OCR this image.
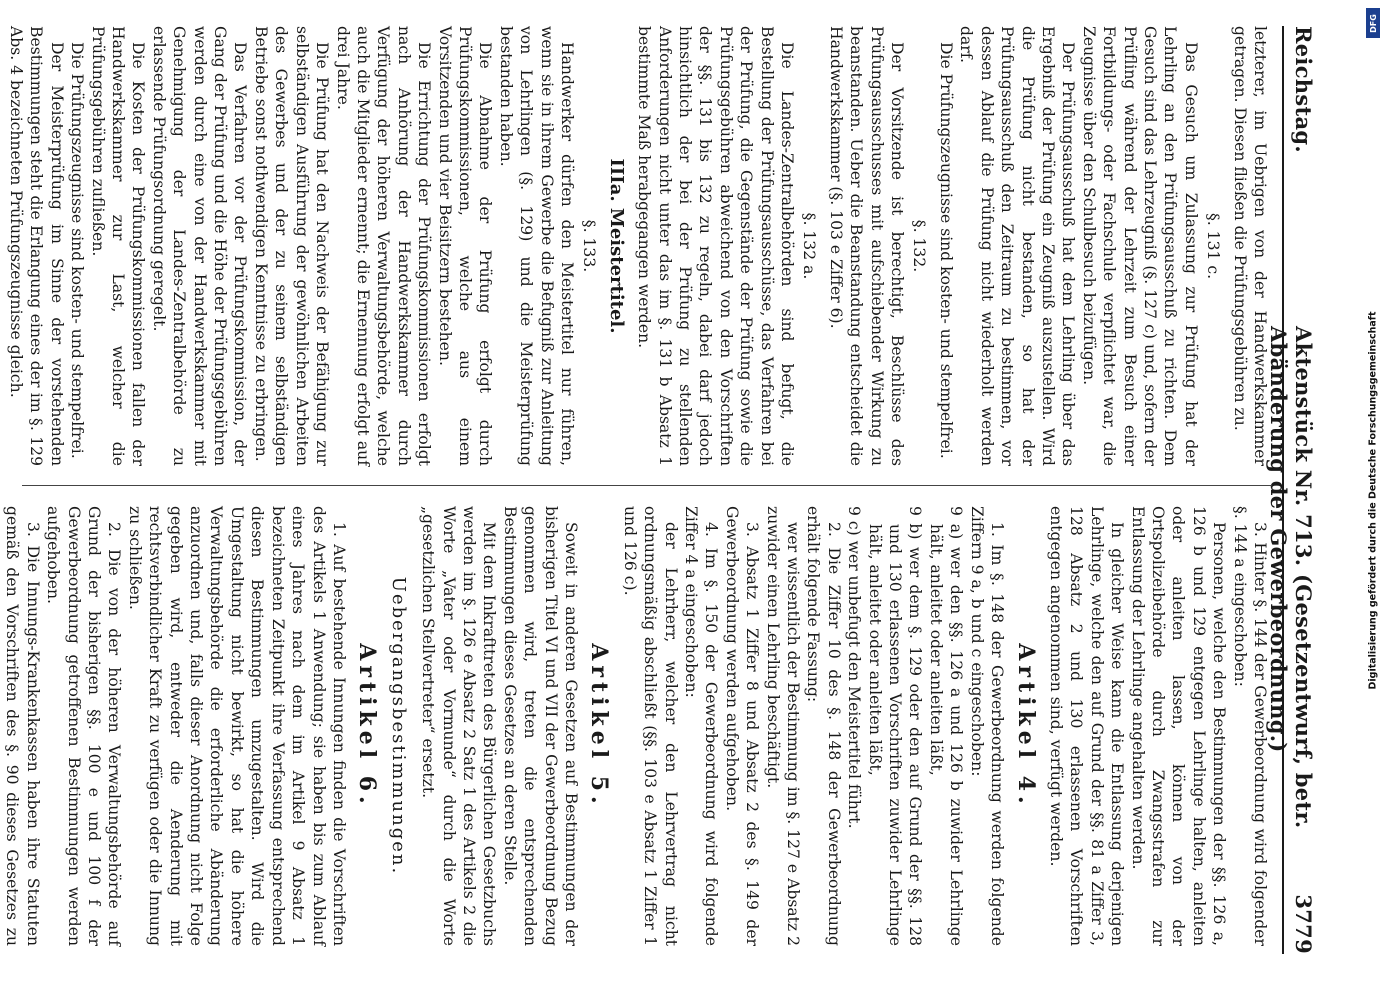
Reichstag.
Aktenstück Nr. 713. (Gesetzentwurf, betr. Abänderung der Gewerbeordnung.)
3779

letzterer, im Uebrigen von der Handwerkskammer getragen. Diesen fließen die Prüfungsgebühren zu.

§. 131 c.

Das Gesuch um Zulassung zur Prüfung hat der Lehrling an den Prüfungsausschuß zu richten. Dem Gesuch sind das Lehrzeugniß (§. 127 c) und, sofern der Prüfling während der Lehrzeit zum Besuch einer Fortbildungs- oder Fachschule verpflichtet war, die Zeugnisse über den Schulbesuch beizufügen.

Der Prüfungsausschuß hat dem Lehrling über das Ergebniß der Prüfung ein Zeugniß auszustellen. Wird die Prüfung nicht bestanden, so hat der Prüfungsausschuß den Zeitraum zu bestimmen, vor dessen Ablauf die Prüfung nicht wiederholt werden darf.

Die Prüfungszeugnisse sind kosten- und stempelfrei.

§. 132.

Der Vorsitzende ist berechtigt, Beschlüsse des Prüfungsausschusses mit aufschiebender Wirkung zu beanstanden. Ueber die Beanstandung entscheidet die Handwerkskammer (§. 103 e Ziffer 6).

§. 132 a.

Die Landes-Zentralbehörden sind befugt, die Bestellung der Prüfungsausschüsse, das Verfahren bei der Prüfung, die Gegenstände der Prüfung sowie die Prüfungsgebühren abweichend von den Vorschriften der §§. 131 bis 132 zu regeln, dabei darf jedoch hinsichtlich der bei der Prüfung zu stellenden Anforderungen nicht unter das im §. 131 b Absatz 1 bestimmte Maß herabgegangen werden.

IIIa. Meistertitel.

§. 133.

Handwerker dürfen den Meistertitel nur führen, wenn sie in ihrem Gewerbe die Befugniß zur Anleitung von Lehrlingen (§. 129) und die Meisterprüfung bestanden haben.

Die Abnahme der Prüfung erfolgt durch Prüfungskommissionen, welche aus einem Vorsitzenden und vier Beisitzern bestehen.

Die Errichtung der Prüfungskommissionen erfolgt nach Anhörung der Handwerkskammer durch Verfügung der höheren Verwaltungsbehörde, welche auch die Mitglieder ernennt; die Ernennung erfolgt auf drei Jahre.

Die Prüfung hat den Nachweis der Befähigung zur selbständigen Ausführung der gewöhnlichen Arbeiten des Gewerbes und der zu seinem selbständigen Betriebe sonst nothwendigen Kenntnisse zu erbringen.

Das Verfahren vor der Prüfungskommission, der Gang der Prüfung und die Höhe der Prüfungsgebühren werden durch eine von der Handwerkskammer mit Genehmigung der Landes-Zentralbehörde zu erlassende Prüfungsordnung geregelt.

Die Kosten der Prüfungskommissionen fallen der Handwerkskammer zur Last, welcher die Prüfungsgebühren zufließen.

Die Prüfungszeugnisse sind kosten- und stempelfrei.

Der Meisterprüfung im Sinne der vorstehenden Bestimmungen steht die Erlangung eines der im §. 129 Abs. 4 bezeichneten Prüfungszeugnisse gleich.

3. Hinter §. 144 der Gewerbeordnung wird folgender §. 144 a eingeschoben:

Personen, welche den Bestimmungen der §§. 126 a, 126 b und 129 entgegen Lehrlinge halten, anleiten oder anleiten lassen, können von der Ortspolizeibehörde durch Zwangsstrafen zur Entlassung der Lehrlinge angehalten werden.

In gleicher Weise kann die Entlassung derjenigen Lehrlinge, welche den auf Grund der §§. 81 a Ziffer 3, 128 Absatz 2 und 130 erlassenen Vorschriften entgegen angenommen sind, verfügt werden.

Artikel 4.

1. Im §. 148 der Gewerbeordnung werden folgende Ziffern 9 a, b und c eingeschoben:

9 a) wer den §§. 126 a und 126 b zuwider Lehrlinge hält, anleitet oder anleiten läßt,

9 b) wer dem §. 129 oder den auf Grund der §§. 128 und 130 erlassenen Vorschriften zuwider Lehrlinge hält, anleitet oder anleiten läßt,

9 c) wer unbefugt den Meistertitel führt.

2. Die Ziffer 10 des §. 148 der Gewerbeordnung erhält folgende Fassung:

wer wissentlich der Bestimmung im §. 127 e Absatz 2 zuwider einen Lehrling beschäftigt.

3. Absatz 1 Ziffer 8 und Absatz 2 des §. 149 der Gewerbeordnung werden aufgehoben.

4. Im §. 150 der Gewerbeordnung wird folgende Ziffer 4 a eingeschoben:

der Lehrherr, welcher den Lehrvertrag nicht ordnungsmäßig abschließt (§§. 103 e Absatz 1 Ziffer 1 und 126 c).

Artikel 5.

Soweit in anderen Gesetzen auf Bestimmungen der bisherigen Titel VI und VII der Gewerbeordnung Bezug genommen wird, treten die entsprechenden Bestimmungen dieses Gesetzes an deren Stelle.

Mit dem Inkrafttreten des Bürgerlichen Gesetzbuchs werden im §. 126 e Absatz 2 Satz 1 des Artikels 2 die Worte „Vater oder Vormunde“ durch die Worte „gesetzlichen Stellvertreter“ ersetzt.

Uebergangsbestimmungen.
Artikel 6.

1. Auf bestehende Innungen finden die Vorschriften des Artikels 1 Anwendung; sie haben bis zum Ablauf eines Jahres nach dem im Artikel 9 Absatz 1 bezeichneten Zeitpunkt ihre Verfassung entsprechend diesen Bestimmungen umzugestalten. Wird die Umgestaltung nicht bewirkt, so hat die höhere Verwaltungsbehörde die erforderliche Abänderung anzuordnen und, falls dieser Anordnung nicht Folge gegeben wird, entweder die Aenderung mit rechtsverbindlicher Kraft zu verfügen oder die Innung zu schließen.

2. Die von der höheren Verwaltungsbehörde auf Grund der bisherigen §§. 100 e und 100 f der Gewerbeordnung getroffenen Bestimmungen werden aufgehoben.

3. Die Innungs-Krankenkassen haben ihre Statuten gemäß den Vorschriften des §. 90 dieses Gesetzes zu

Digitalisierung gefördert durch die Deutsche Forschungsgemeinschaft
DFG
